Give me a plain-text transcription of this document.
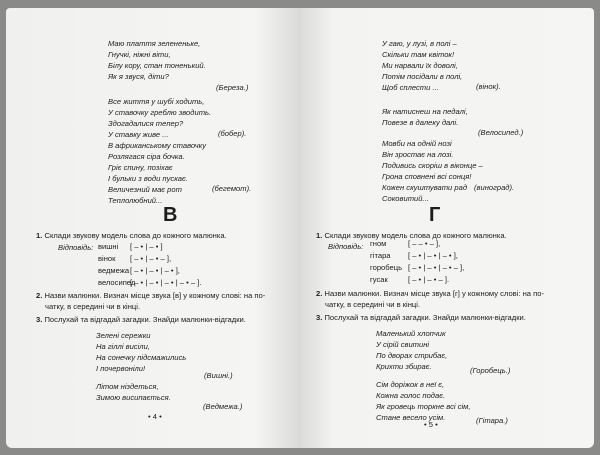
Маю плаття зелененьке,
Гнучкі, ніжні віти,
Білу кору, стан тоненький.
Як я звуся, діти?
(Береза.)
Все життя у шубі ходить,
У ставочку греблю зводить.
Здогадалися тепер?
У ставку живе ...	(бобер).
В африканському ставочку
Розлягася сіра бочка.
Гріє спину, позіхає
І бульки з води пускає.
Величезний має рот
Теплолюбний...
(бегемот).
В
1. Склади звукову модель слова до кожного малюнка.
Відповідь: вишні [ – • | – • ]
вінок [ – • | – • – ],
ведмежа[ – • | – • | – • ],
велосипед[ – • | – • | – • | – • – ].
2. Назви малюнки. Визнач місце звука [в] у кожному слові: на по-
чатку, в середині чи в кінці.
3. Послухай та відгадай загадки. Знайди малюнки-відгадки.
Зелені сережки
На гіллі висіли,
На сонечку підсмажились
І почервоніли!
(Вишні.)
Літом ніздеться,
Зимою висипається.
(Ведмежа.)
• 4 •
У гаю, у лузі, в полі –
Скільки там квіток!
Ми нарвали їх доволі,
Потім посідали в полі,
Щоб сплести ...	(вінок).
Як натиснеш на педалі,
Повезе в далеку далі.
(Велосипед.)
Мовби на одній нозі
Він зростає на лозі.
Подивись скоріш в віконце –
Грона сповнені всі сонця!
Кожен скуштувати рад
Соковитий...
(виноград).
Г
1. Склади звукову модель слова до кожного малюнка.
Відповідь: гном	[ – – • – ],
гітара [ – • | – • | – • ],
горобець [ – • | – • | – • – ],
гусак	[ – • | – • – ].
2. Назви малюнки. Визнач місце звука [г] у кожному слові: на по-
чатку, в середині чи в кінці.
3. Послухай та відгадай загадки. Знайди малюнки-відгадки.
Маленький хлопчик
У сірій свитині
По дворах стрибає,
Крихти збирає.	(Горобець.)
Сім доріжок в неї є,
Кожна голос подає.
Як гровець торкне всі сім,
Стане весело усім.	(Гітара.)
• 5 •
